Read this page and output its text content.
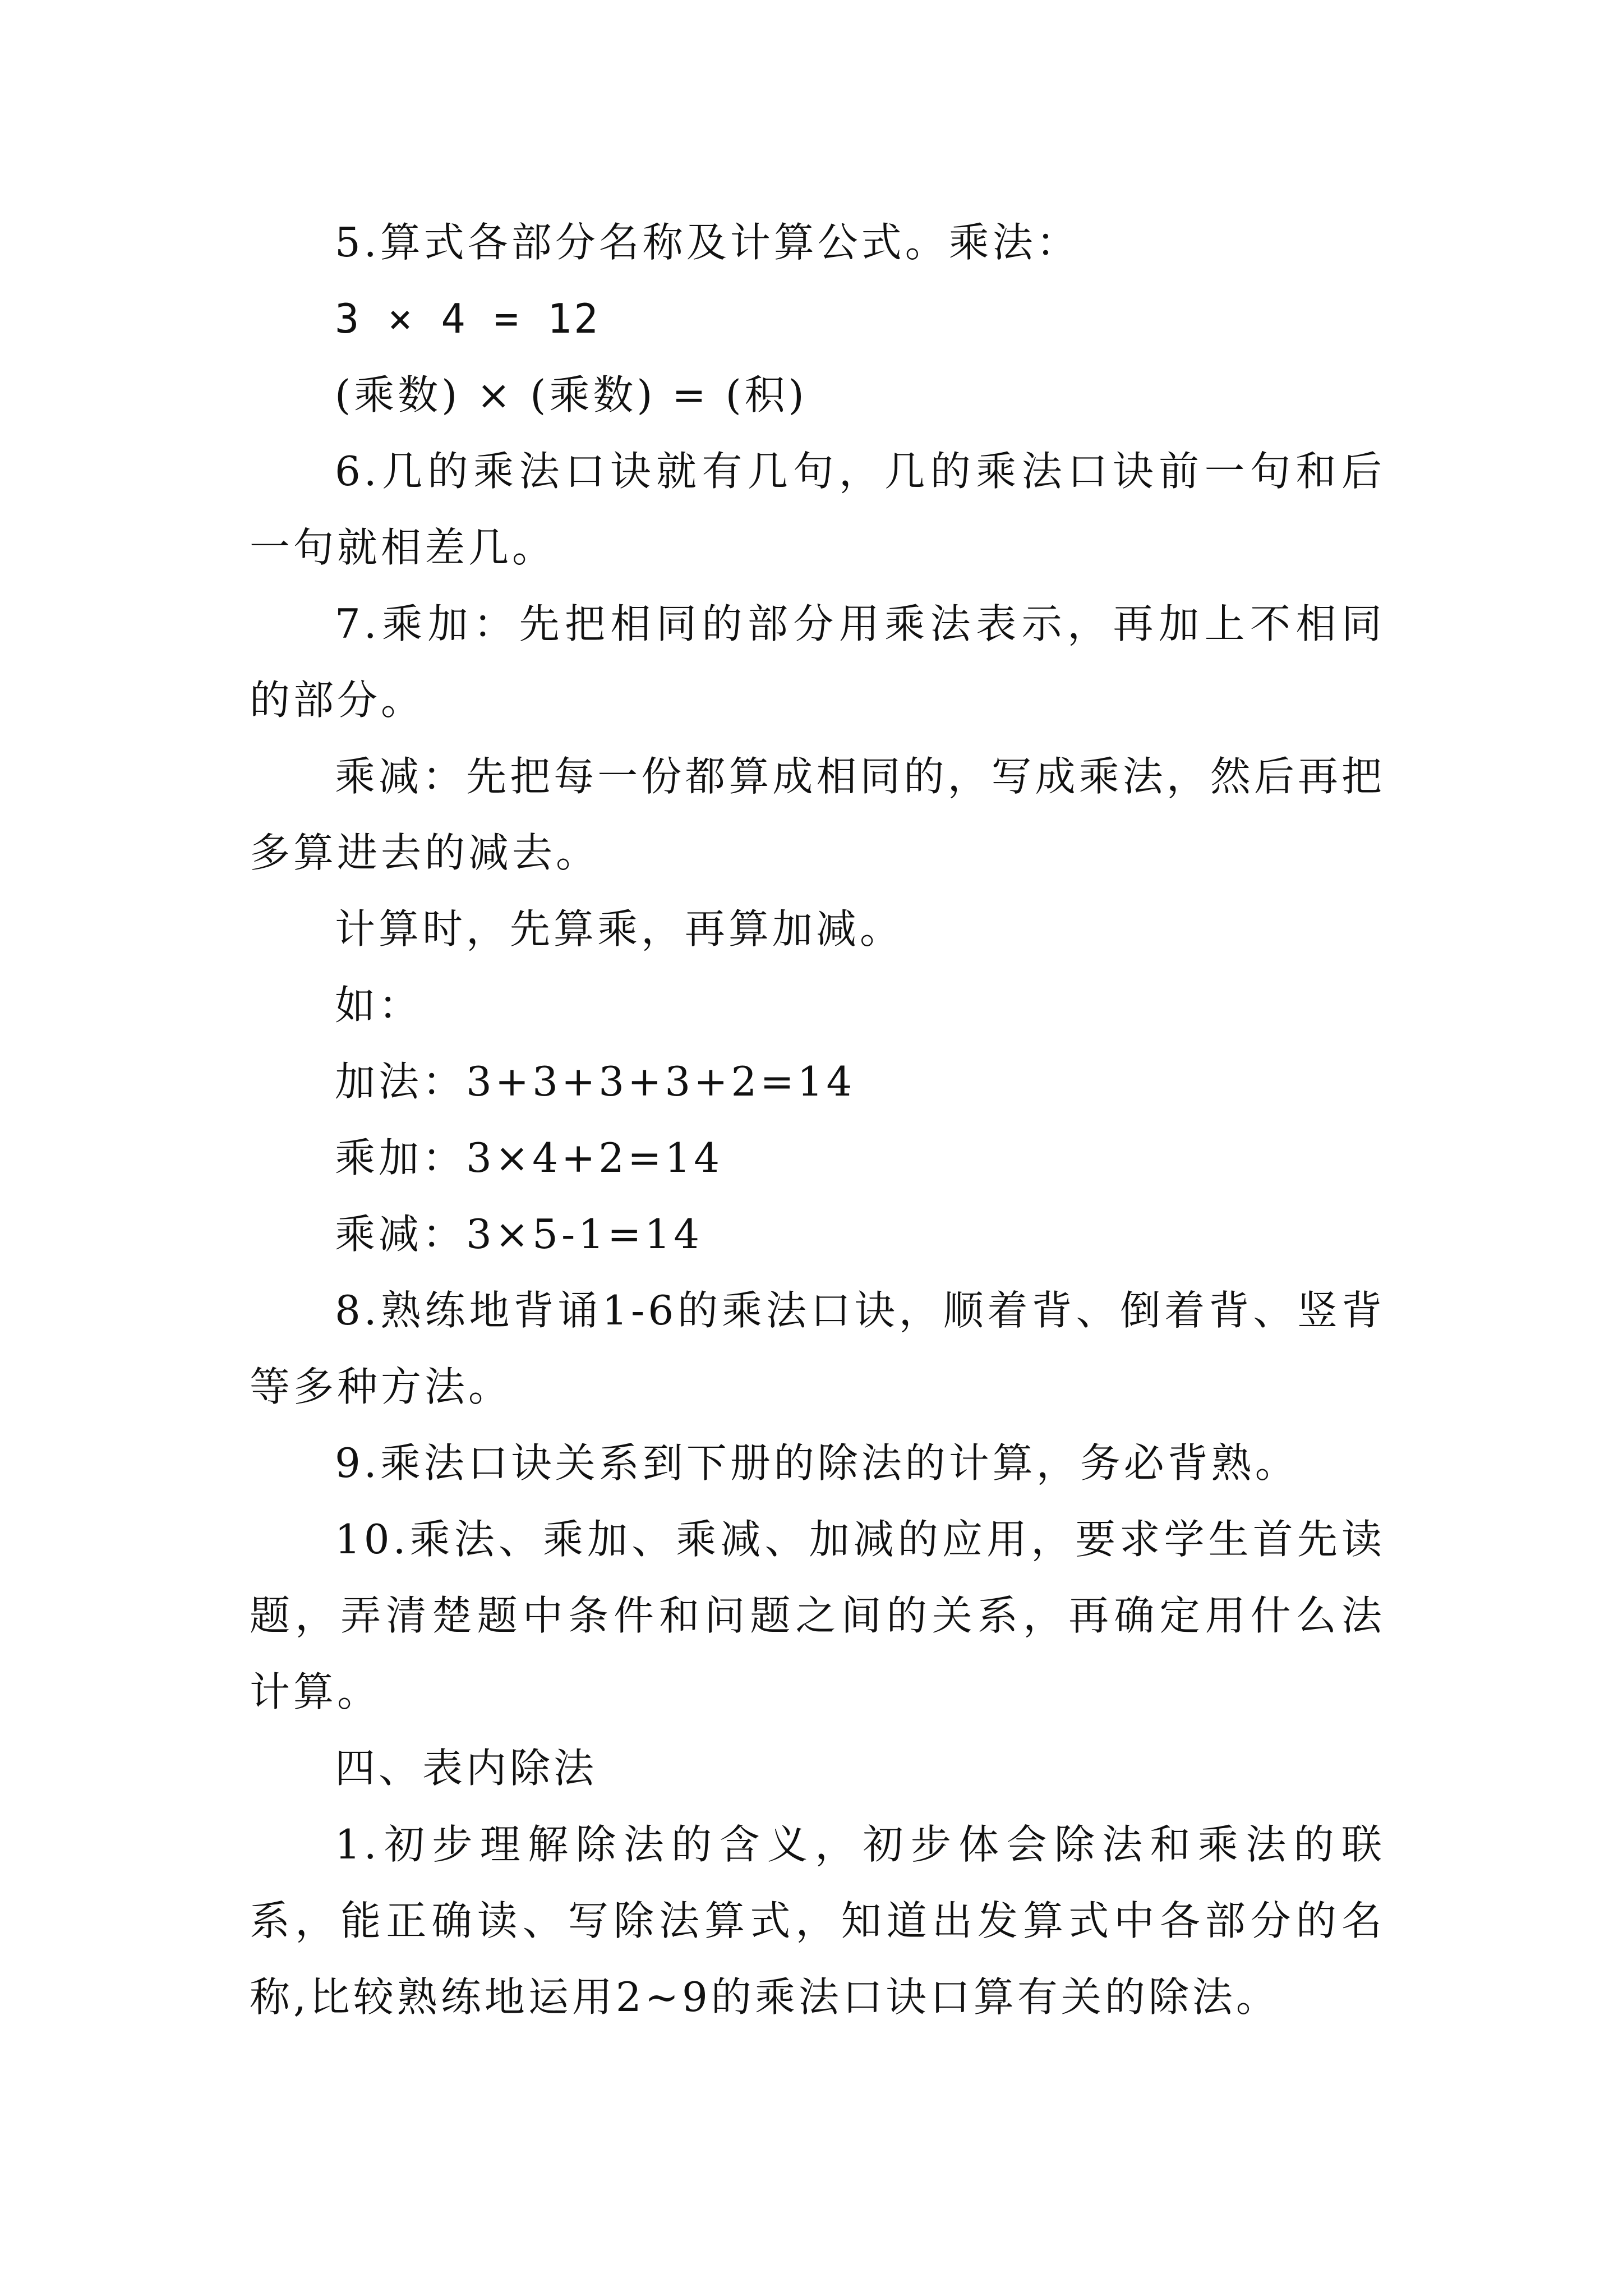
5.算式各部分名称及计算公式。乘法：

3 × 4 = 12

(乘数) × (乘数) = (积)

6.几的乘法口诀就有几句，几的乘法口诀前一句和后一句就相差几。

7.乘加：先把相同的部分用乘法表示，再加上不相同的部分。

乘减：先把每一份都算成相同的，写成乘法，然后再把多算进去的减去。

计算时，先算乘，再算加减。

如：

加法：3+3+3+3+2=14

乘加：3×4+2=14

乘减：3×5-1=14

8.熟练地背诵1-6的乘法口诀，顺着背、倒着背、竖背等多种方法。

9.乘法口诀关系到下册的除法的计算，务必背熟。

10.乘法、乘加、乘减、加减的应用，要求学生首先读题，弄清楚题中条件和问题之间的关系，再确定用什么法计算。

四、表内除法

1.初步理解除法的含义，初步体会除法和乘法的联系，能正确读、写除法算式，知道出发算式中各部分的名称,比较熟练地运用2~9的乘法口诀口算有关的除法。
